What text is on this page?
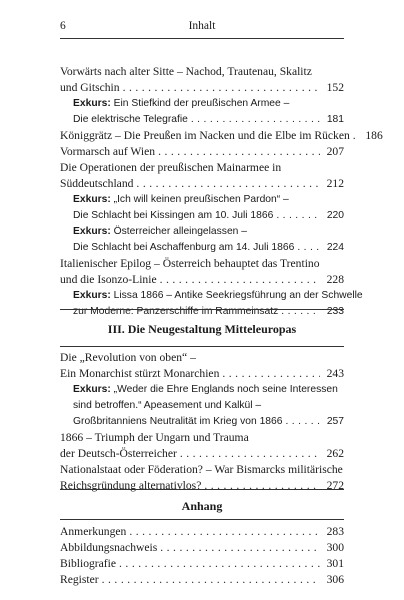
6	Inhalt
Vorwärts nach alter Sitte – Nachod, Trautenau, Skalitz
und Gitschin . . .	152
Exkurs: Ein Stiefkind der preußischen Armee –
Die elektrische Telegrafie . . .	181
Königgrätz – Die Preußen im Nacken und die Elbe im Rücken . . .	186
Vormarsch auf Wien . . .	207
Die Operationen der preußischen Mainarmee in
Süddeutschland . . .	212
Exkurs: „Ich will keinen preußischen Pardon“ –
Die Schlacht bei Kissingen am 10. Juli 1866 . . .	220
Exkurs: Österreicher alleingelassen –
Die Schlacht bei Aschaffenburg am 14. Juli 1866 . . .	224
Italienischer Epilog – Österreich behauptet das Trentino
und die Isonzo-Linie . . .	228
Exkurs: Lissa 1866 – Antike Seekriegsführung an der Schwelle
zur Moderne: Panzerschiffe im Rammeinsatz . . .	233
III. Die Neugestaltung Mitteleuropas
Die „Revolution von oben“ –
Ein Monarchist stürzt Monarchien . . .	243
Exkurs: „Weder die Ehre Englands noch seine Interessen
sind betroffen.“ Apeasement und Kalkül –
Großbritanniens Neutralität im Krieg von 1866 . . .	257
1866 – Triumph der Ungarn und Trauma
der Deutsch-Österreicher . . .	262
Nationalstaat oder Föderation? – War Bismarcks militärische
Reichsgründung alternativlos? . . .	272
Anhang
Anmerkungen . . .	283
Abbildungsnachweis . . .	300
Bibliografie . . .	301
Register . . .	306
